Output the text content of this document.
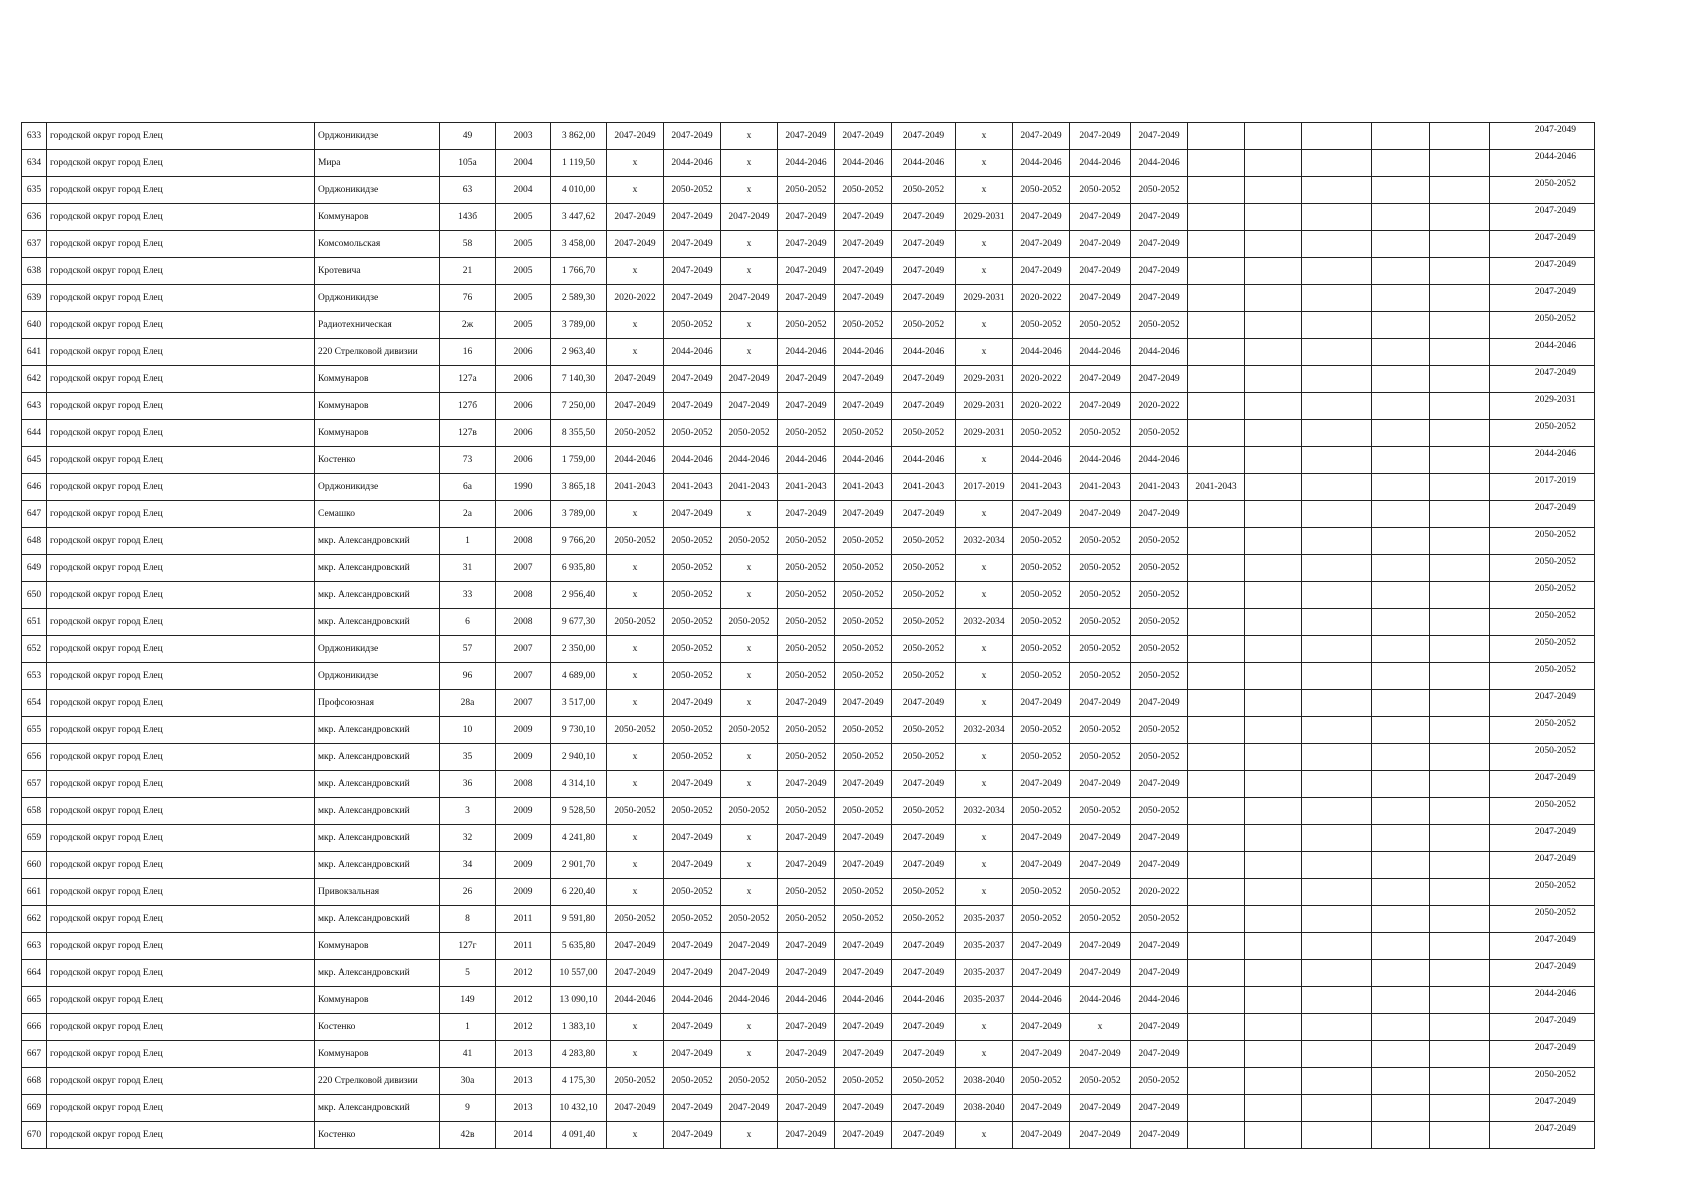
633	городской округ город Елец	Орджоникидзе	49	2003	3 862,00	2047-2049	2047-2049	x	2047-2049	2047-2049	2047-2049	x	2047-2049	2047-2049	2047-2049						2047-2049
634	городской округ город Елец	Мира	105а	2004	1 119,50	x	2044-2046	x	2044-2046	2044-2046	2044-2046	x	2044-2046	2044-2046	2044-2046						2044-2046
635	городской округ город Елец	Орджоникидзе	63	2004	4 010,00	x	2050-2052	x	2050-2052	2050-2052	2050-2052	x	2050-2052	2050-2052	2050-2052						2050-2052
636	городской округ город Елец	Коммунаров	143б	2005	3 447,62	2047-2049	2047-2049	2047-2049	2047-2049	2047-2049	2047-2049	2029-2031	2047-2049	2047-2049	2047-2049						2047-2049
637	городской округ город Елец	Комсомольская	58	2005	3 458,00	2047-2049	2047-2049	x	2047-2049	2047-2049	2047-2049	x	2047-2049	2047-2049	2047-2049						2047-2049
638	городской округ город Елец	Кротевича	21	2005	1 766,70	x	2047-2049	x	2047-2049	2047-2049	2047-2049	x	2047-2049	2047-2049	2047-2049						2047-2049
639	городской округ город Елец	Орджоникидзе	76	2005	2 589,30	2020-2022	2047-2049	2047-2049	2047-2049	2047-2049	2047-2049	2029-2031	2020-2022	2047-2049	2047-2049						2047-2049
640	городской округ город Елец	Радиотехническая	2ж	2005	3 789,00	x	2050-2052	x	2050-2052	2050-2052	2050-2052	x	2050-2052	2050-2052	2050-2052						2050-2052
641	городской округ город Елец	220 Стрелковой дивизии	16	2006	2 963,40	x	2044-2046	x	2044-2046	2044-2046	2044-2046	x	2044-2046	2044-2046	2044-2046						2044-2046
642	городской округ город Елец	Коммунаров	127а	2006	7 140,30	2047-2049	2047-2049	2047-2049	2047-2049	2047-2049	2047-2049	2029-2031	2020-2022	2047-2049	2047-2049						2047-2049
643	городской округ город Елец	Коммунаров	127б	2006	7 250,00	2047-2049	2047-2049	2047-2049	2047-2049	2047-2049	2047-2049	2029-2031	2020-2022	2047-2049	2020-2022						2029-2031
644	городской округ город Елец	Коммунаров	127в	2006	8 355,50	2050-2052	2050-2052	2050-2052	2050-2052	2050-2052	2050-2052	2029-2031	2050-2052	2050-2052	2050-2052						2050-2052
645	городской округ город Елец	Костенко	73	2006	1 759,00	2044-2046	2044-2046	2044-2046	2044-2046	2044-2046	2044-2046	x	2044-2046	2044-2046	2044-2046						2044-2046
646	городской округ город Елец	Орджоникидзе	6а	1990	3 865,18	2041-2043	2041-2043	2041-2043	2041-2043	2041-2043	2041-2043	2017-2019	2041-2043	2041-2043	2041-2043	2041-2043					2017-2019
647	городской округ город Елец	Семашко	2а	2006	3 789,00	x	2047-2049	x	2047-2049	2047-2049	2047-2049	x	2047-2049	2047-2049	2047-2049						2047-2049
648	городской округ город Елец	мкр. Александровский	1	2008	9 766,20	2050-2052	2050-2052	2050-2052	2050-2052	2050-2052	2050-2052	2032-2034	2050-2052	2050-2052	2050-2052						2050-2052
649	городской округ город Елец	мкр. Александровский	31	2007	6 935,80	x	2050-2052	x	2050-2052	2050-2052	2050-2052	x	2050-2052	2050-2052	2050-2052						2050-2052
650	городской округ город Елец	мкр. Александровский	33	2008	2 956,40	x	2050-2052	x	2050-2052	2050-2052	2050-2052	x	2050-2052	2050-2052	2050-2052						2050-2052
651	городской округ город Елец	мкр. Александровский	6	2008	9 677,30	2050-2052	2050-2052	2050-2052	2050-2052	2050-2052	2050-2052	2032-2034	2050-2052	2050-2052	2050-2052						2050-2052
652	городской округ город Елец	Орджоникидзе	57	2007	2 350,00	x	2050-2052	x	2050-2052	2050-2052	2050-2052	x	2050-2052	2050-2052	2050-2052						2050-2052
653	городской округ город Елец	Орджоникидзе	96	2007	4 689,00	x	2050-2052	x	2050-2052	2050-2052	2050-2052	x	2050-2052	2050-2052	2050-2052						2050-2052
654	городской округ город Елец	Профсоюзная	28а	2007	3 517,00	x	2047-2049	x	2047-2049	2047-2049	2047-2049	x	2047-2049	2047-2049	2047-2049						2047-2049
655	городской округ город Елец	мкр. Александровский	10	2009	9 730,10	2050-2052	2050-2052	2050-2052	2050-2052	2050-2052	2050-2052	2032-2034	2050-2052	2050-2052	2050-2052						2050-2052
656	городской округ город Елец	мкр. Александровский	35	2009	2 940,10	x	2050-2052	x	2050-2052	2050-2052	2050-2052	x	2050-2052	2050-2052	2050-2052						2050-2052
657	городской округ город Елец	мкр. Александровский	36	2008	4 314,10	x	2047-2049	x	2047-2049	2047-2049	2047-2049	x	2047-2049	2047-2049	2047-2049						2047-2049
658	городской округ город Елец	мкр. Александровский	3	2009	9 528,50	2050-2052	2050-2052	2050-2052	2050-2052	2050-2052	2050-2052	2032-2034	2050-2052	2050-2052	2050-2052						2050-2052
659	городской округ город Елец	мкр. Александровский	32	2009	4 241,80	x	2047-2049	x	2047-2049	2047-2049	2047-2049	x	2047-2049	2047-2049	2047-2049						2047-2049
660	городской округ город Елец	мкр. Александровский	34	2009	2 901,70	x	2047-2049	x	2047-2049	2047-2049	2047-2049	x	2047-2049	2047-2049	2047-2049						2047-2049
661	городской округ город Елец	Привокзальная	26	2009	6 220,40	x	2050-2052	x	2050-2052	2050-2052	2050-2052	x	2050-2052	2050-2052	2020-2022						2050-2052
662	городской округ город Елец	мкр. Александровский	8	2011	9 591,80	2050-2052	2050-2052	2050-2052	2050-2052	2050-2052	2050-2052	2035-2037	2050-2052	2050-2052	2050-2052						2050-2052
663	городской округ город Елец	Коммунаров	127г	2011	5 635,80	2047-2049	2047-2049	2047-2049	2047-2049	2047-2049	2047-2049	2035-2037	2047-2049	2047-2049	2047-2049						2047-2049
664	городской округ город Елец	мкр. Александровский	5	2012	10 557,00	2047-2049	2047-2049	2047-2049	2047-2049	2047-2049	2047-2049	2035-2037	2047-2049	2047-2049	2047-2049						2047-2049
665	городской округ город Елец	Коммунаров	149	2012	13 090,10	2044-2046	2044-2046	2044-2046	2044-2046	2044-2046	2044-2046	2035-2037	2044-2046	2044-2046	2044-2046						2044-2046
666	городской округ город Елец	Костенко	1	2012	1 383,10	x	2047-2049	x	2047-2049	2047-2049	2047-2049	x	2047-2049	x	2047-2049						2047-2049
667	городской округ город Елец	Коммунаров	41	2013	4 283,80	x	2047-2049	x	2047-2049	2047-2049	2047-2049	x	2047-2049	2047-2049	2047-2049						2047-2049
668	городской округ город Елец	220 Стрелковой дивизии	30а	2013	4 175,30	2050-2052	2050-2052	2050-2052	2050-2052	2050-2052	2050-2052	2038-2040	2050-2052	2050-2052	2050-2052						2050-2052
669	городской округ город Елец	мкр. Александровский	9	2013	10 432,10	2047-2049	2047-2049	2047-2049	2047-2049	2047-2049	2047-2049	2038-2040	2047-2049	2047-2049	2047-2049						2047-2049
670	городской округ город Елец	Костенко	42в	2014	4 091,40	x	2047-2049	x	2047-2049	2047-2049	2047-2049	x	2047-2049	2047-2049	2047-2049						2047-2049
